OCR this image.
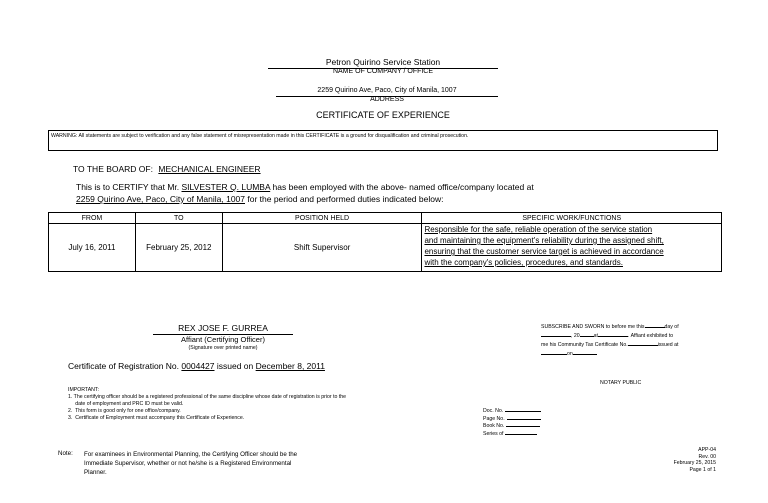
Petron Quirino Service Station
NAME OF COMPANY / OFFICE
2259 Quirino Ave, Paco, City of Manila, 1007
ADDRESS
CERTIFICATE OF EXPERIENCE
WARNING: All statements are subject to verification and any false statement of misrepresentation made in this CERTIFICATE is a ground for disqualification and criminal prosecution.
TO THE BOARD OF: MECHANICAL ENGINEER
This is to CERTIFY that Mr. SILVESTER Q. LUMBA has been employed with the above- named office/company located at
2259 Quirino Ave, Paco, City of Manila, 1007 for the period and performed duties indicated below:
FROM	TO	POSITION HELD	SPECIFIC WORK/FUNCTIONS
July 16, 2011	February 25, 2012	Shift Supervisor	Responsible for the safe, reliable operation of the service station
and maintaining the equipment's reliability during the assigned shift,
ensuring that the customer service target is achieved in accordance
with the company's policies, procedures, and standards.
REX JOSE F. GURREA
Affiant (Certifying Officer)
(Signature over printed name)
Certificate of Registration No. 0004427 issued on December 8, 2011
SUBSCRIBE AND SWORN to before me this	day of
, 20	at	. Affiant exhibited to
me his Community Tax Certificate No.	issued at
on
NOTARY PUBLIC
IMPORTANT:
1. The certifying officer should be a registered professional of the same discipline whose date of registration is prior to the
date of employment and PRC ID must be valid.
2.  This form is good only for one office/company.
3.  Certificate of Employment must accompany this Certificate of Experience.
Doc. No.
Page No.
Book No.
Series of
APP-04
Rev. 00
February 25, 2015
Page 1 of 1
Note: For examinees in Environmental Planning, the Certifying Officer should be the
Immediate Supervisor, whether or not he/she is a Registered Environmental
Planner.
